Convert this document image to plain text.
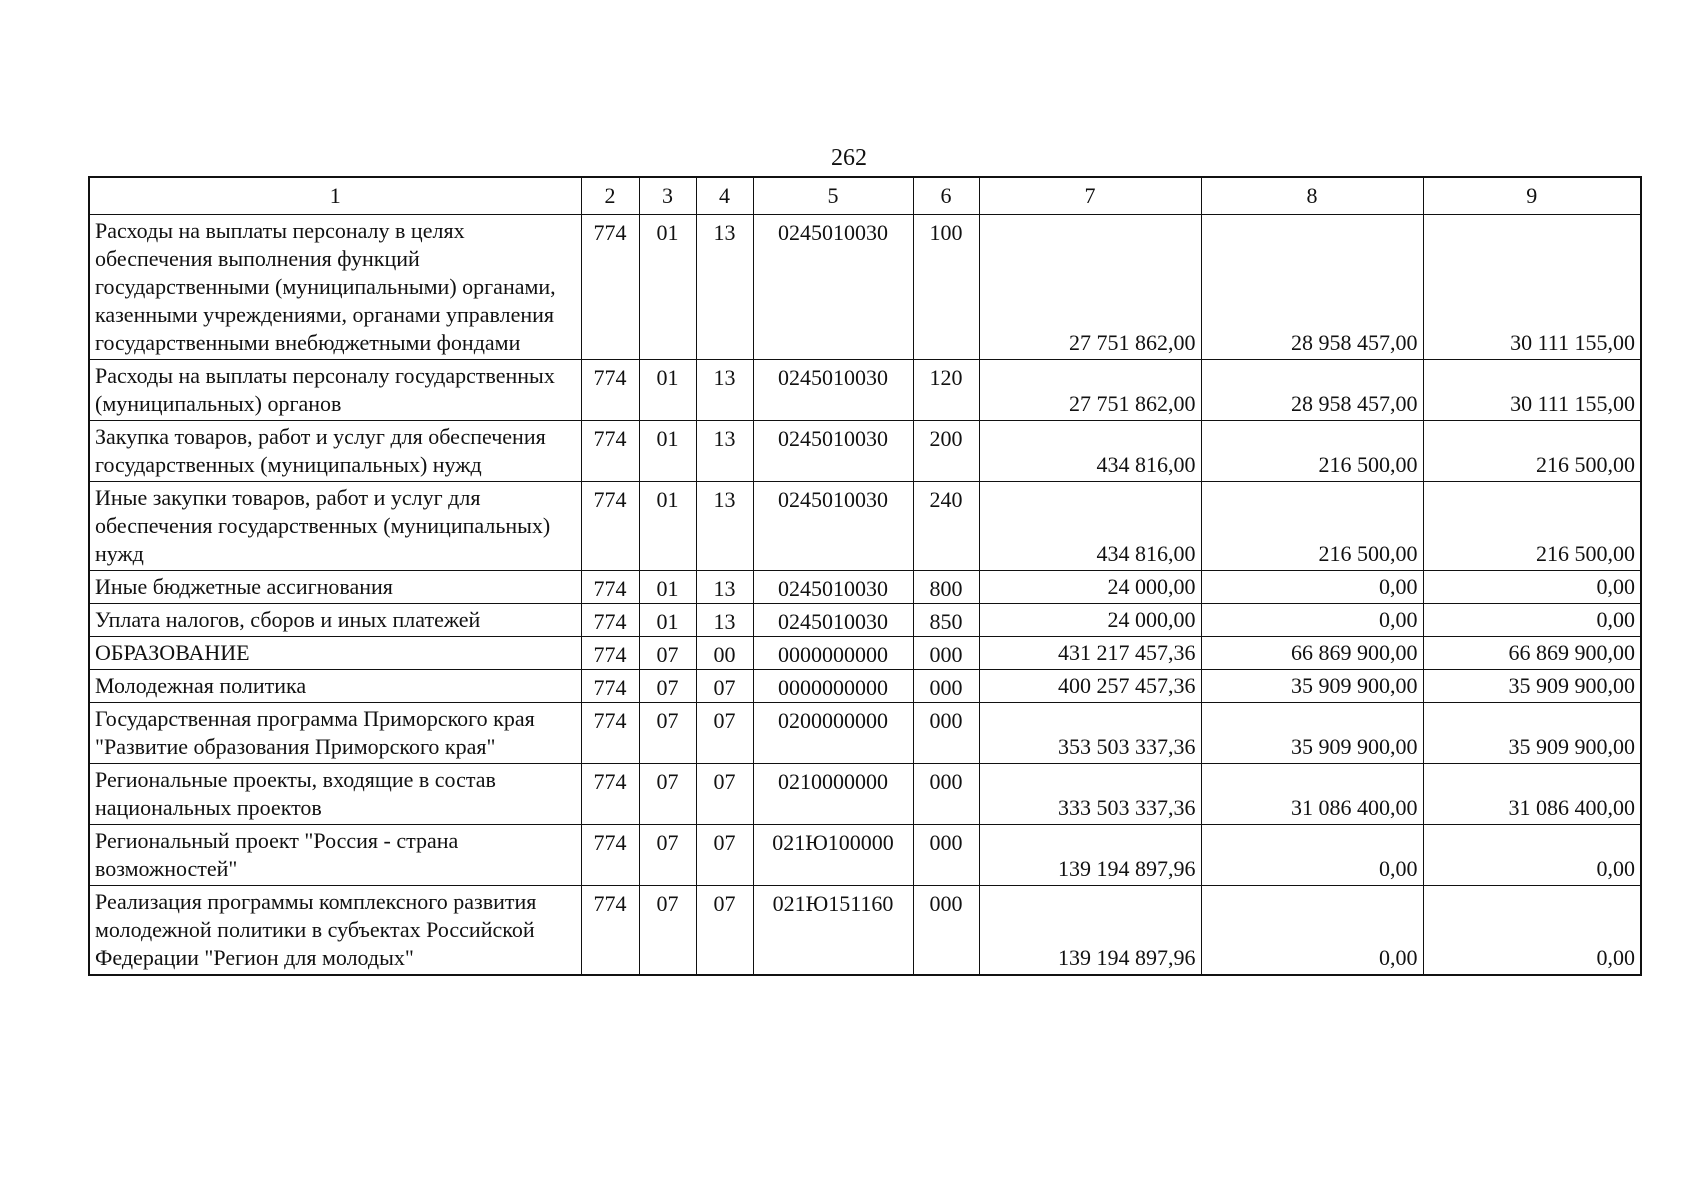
262
1	2	3	4	5	6	7	8	9
Расходы на выплаты персоналу в целях обеспечения выполнения функций государственными (муниципальными) органами, казенными учреждениями, органами управления государственными внебюджетными фондами	774	01	13	0245010030	100	27 751 862,00	28 958 457,00	30 111 155,00
Расходы на выплаты персоналу государственных (муниципальных) органов	774	01	13	0245010030	120	27 751 862,00	28 958 457,00	30 111 155,00
Закупка товаров, работ и услуг для обеспечения государственных (муниципальных) нужд	774	01	13	0245010030	200	434 816,00	216 500,00	216 500,00
Иные закупки товаров, работ и услуг для обеспечения государственных (муниципальных) нужд	774	01	13	0245010030	240	434 816,00	216 500,00	216 500,00
Иные бюджетные ассигнования	774	01	13	0245010030	800	24 000,00	0,00	0,00
Уплата налогов, сборов и иных платежей	774	01	13	0245010030	850	24 000,00	0,00	0,00
ОБРАЗОВАНИЕ	774	07	00	0000000000	000	431 217 457,36	66 869 900,00	66 869 900,00
Молодежная политика	774	07	07	0000000000	000	400 257 457,36	35 909 900,00	35 909 900,00
Государственная программа Приморского края "Развитие образования Приморского края"	774	07	07	0200000000	000	353 503 337,36	35 909 900,00	35 909 900,00
Региональные проекты, входящие в состав национальных проектов	774	07	07	0210000000	000	333 503 337,36	31 086 400,00	31 086 400,00
Региональный проект "Россия - страна возможностей"	774	07	07	021Ю100000	000	139 194 897,96	0,00	0,00
Реализация программы комплексного развития молодежной политики в субъектах Российской Федерации "Регион для молодых"	774	07	07	021Ю151160	000	139 194 897,96	0,00	0,00
